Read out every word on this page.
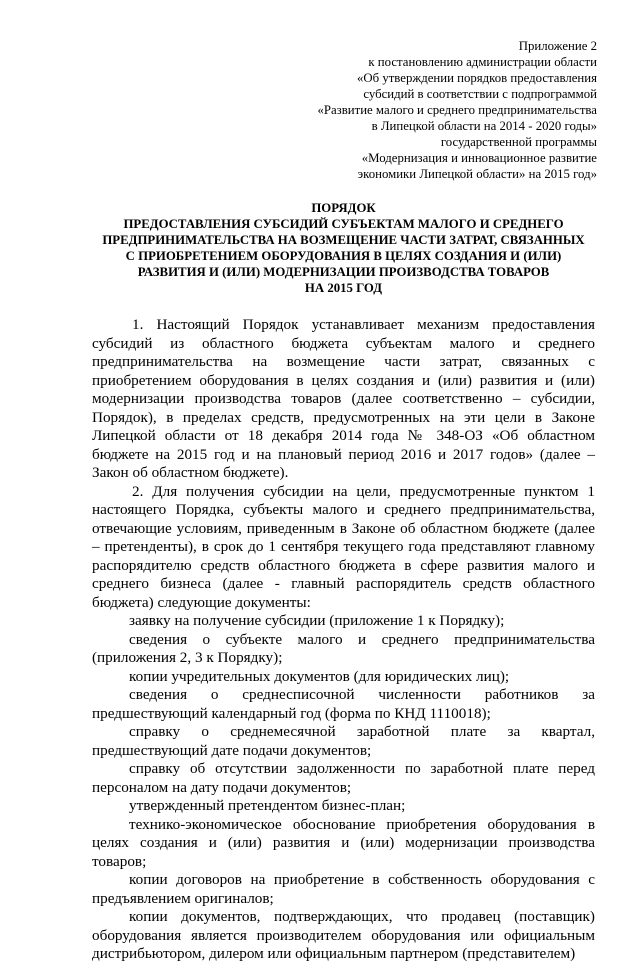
Приложение 2
к постановлению администрации области
«Об утверждении порядков предоставления
субсидий в соответствии с подпрограммой
«Развитие малого и среднего предпринимательства
в Липецкой области на 2014 - 2020 годы»
государственной программы
«Модернизация и инновационное развитие
экономики Липецкой области» на 2015 год»
ПОРЯДОК
ПРЕДОСТАВЛЕНИЯ СУБСИДИЙ СУБЪЕКТАМ МАЛОГО И СРЕДНЕГО
ПРЕДПРИНИМАТЕЛЬСТВА НА ВОЗМЕЩЕНИЕ ЧАСТИ ЗАТРАТ, СВЯЗАННЫХ
С ПРИОБРЕТЕНИЕМ ОБОРУДОВАНИЯ В ЦЕЛЯХ СОЗДАНИЯ И (ИЛИ)
РАЗВИТИЯ И (ИЛИ) МОДЕРНИЗАЦИИ ПРОИЗВОДСТВА ТОВАРОВ
НА 2015 ГОД

1. Настоящий Порядок устанавливает механизм предоставления субсидий из областного бюджета субъектам малого и среднего предпринимательства на возмещение части затрат, связанных с приобретением оборудования в целях создания и (или) развития и (или) модернизации производства товаров (далее соответственно – субсидии, Порядок), в пределах средств, предусмотренных на эти цели в Законе Липецкой области от 18 декабря 2014 года № 348-ОЗ «Об областном бюджете на 2015 год и на плановый период 2016 и 2017 годов» (далее – Закон об областном бюджете).

2. Для получения субсидии на цели, предусмотренные пунктом 1 настоящего Порядка, субъекты малого и среднего предпринимательства, отвечающие условиям, приведенным в Законе об областном бюджете (далее – претенденты), в срок до 1 сентября текущего года представляют главному распорядителю средств областного бюджета в сфере развития малого и среднего бизнеса (далее - главный распорядитель средств областного бюджета) следующие документы:

заявку на получение субсидии (приложение 1 к Порядку);

сведения о субъекте малого и среднего предпринимательства (приложения 2, 3 к Порядку);

копии учредительных документов (для юридических лиц);

сведения о среднесписочной численности работников за предшествующий календарный год (форма по КНД 1110018);

справку о среднемесячной заработной плате за квартал, предшествующий дате подачи документов;

справку об отсутствии задолженности по заработной плате перед персоналом на дату подачи документов;

утвержденный претендентом бизнес-план;

технико-экономическое обоснование приобретения оборудования в целях создания и (или) развития и (или) модернизации производства товаров;

копии договоров на приобретение в собственность оборудования с предъявлением оригиналов;

копии документов, подтверждающих, что продавец (поставщик) оборудования является производителем оборудования или официальным дистрибьютором, дилером или официальным партнером (представителем)
